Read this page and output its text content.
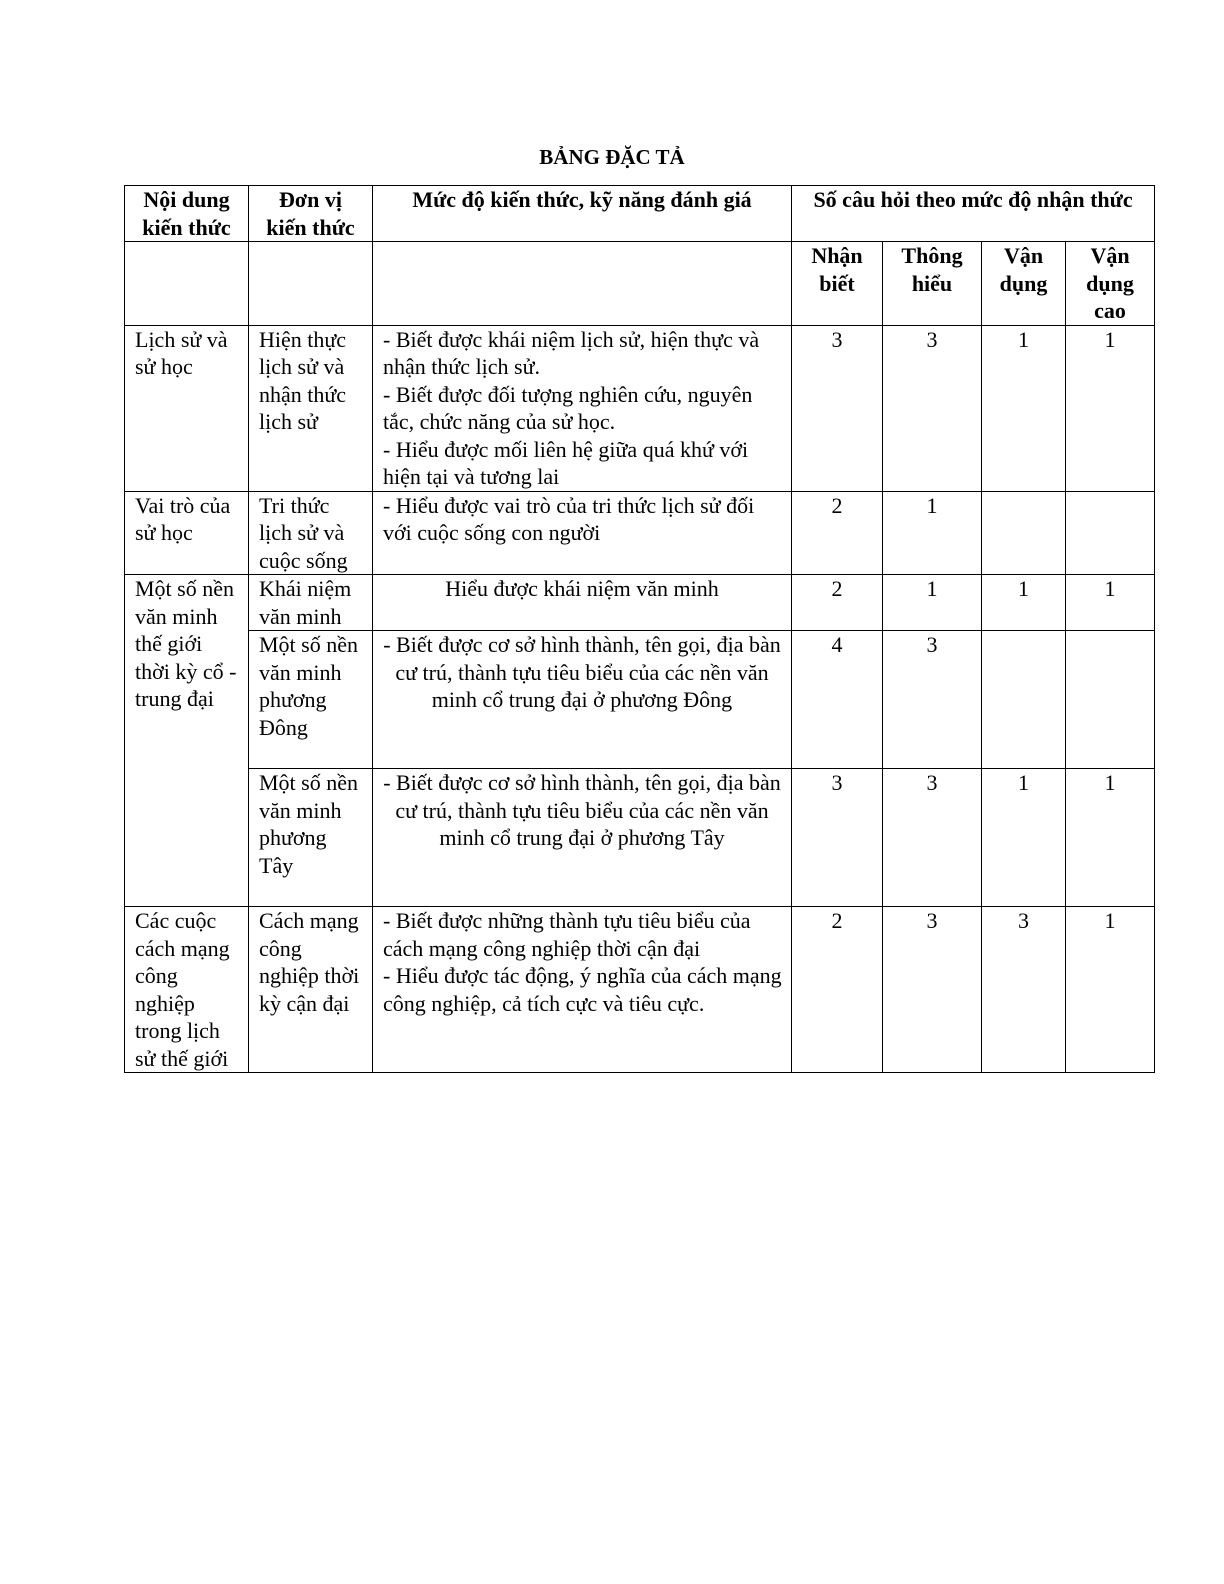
BẢNG ĐẶC TẢ
Nội dung kiến thức	Đơn vị kiến thức	Mức độ kiến thức, kỹ năng đánh giá	Số câu hỏi theo mức độ nhận thức			
			Nhận biết	Thông hiểu	Vận dụng	Vận dụng cao
Lịch sử và sử học	Hiện thực lịch sử và nhận thức lịch sử	- Biết được khái niệm lịch sử, hiện thực và nhận thức lịch sử.
- Biết được đối tượng nghiên cứu, nguyên tắc, chức năng của sử học.
- Hiểu được mối liên hệ giữa quá khứ với hiện tại và tương lai	3	3	1	1
Vai trò của sử học	Tri thức lịch sử và cuộc sống	- Hiểu được vai trò của tri thức lịch sử đối với cuộc sống con người	2	1		
Một số nền văn minh thế giới thời kỳ cổ - trung đại	Khái niệm văn minh	Hiểu được khái niệm văn minh	2	1	1	1
	Một số nền văn minh phương Đông	- Biết được cơ sở hình thành, tên gọi, địa bàn cư trú, thành tựu tiêu biểu của các nền văn minh cổ trung đại ở phương Đông	4	3		
	Một số nền văn minh phương Tây	- Biết được cơ sở hình thành, tên gọi, địa bàn cư trú, thành tựu tiêu biểu của các nền văn minh cổ trung đại ở phương Tây	3	3	1	1
Các cuộc cách mạng công nghiệp trong lịch sử thế giới	Cách mạng công nghiệp thời kỳ cận đại	- Biết được những thành tựu tiêu biểu của cách mạng công nghiệp thời cận đại
- Hiểu được tác động, ý nghĩa của cách mạng công nghiệp, cả tích cực và tiêu cực.	2	3	3	1
